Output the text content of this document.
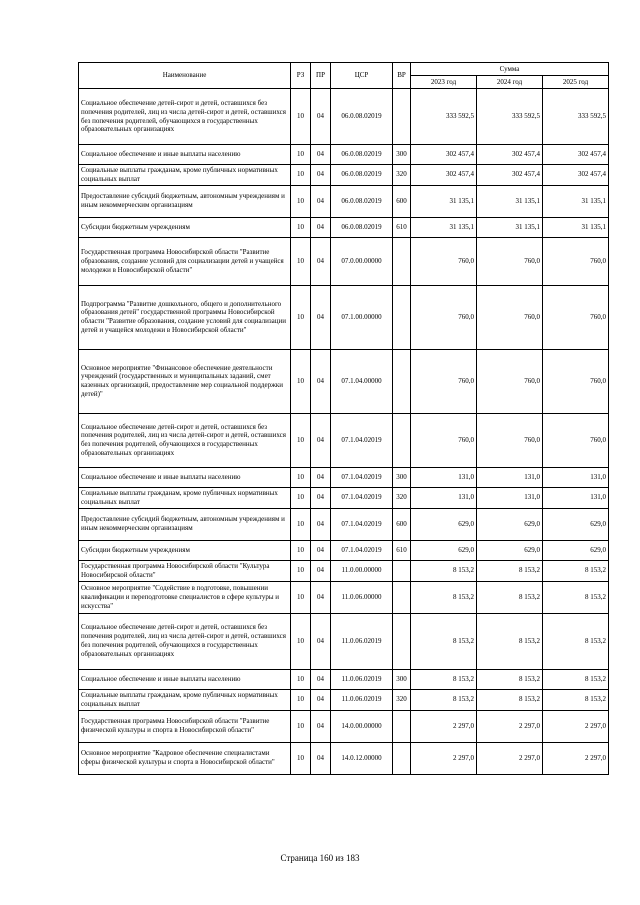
Наименование	РЗ	ПР	ЦСР	ВР	Сумма		
					2023 год	2024 год	2025 год
Социальное обеспечение детей-сирот и детей, оставшихся без попечения родителей, лиц из числа детей-сирот и детей, оставшихся без попечения родителей, обучающихся в государственных образовательных организациях	10	04	06.0.08.02019		333 592,5	333 592,5	333 592,5
Социальное обеспечение и иные выплаты населению	10	04	06.0.08.02019	300	302 457,4	302 457,4	302 457,4
Социальные выплаты гражданам, кроме публичных нормативных социальных выплат	10	04	06.0.08.02019	320	302 457,4	302 457,4	302 457,4
Предоставление субсидий бюджетным, автономным учреждениям и иным некоммерческим организациям	10	04	06.0.08.02019	600	31 135,1	31 135,1	31 135,1
Субсидии бюджетным учреждениям	10	04	06.0.08.02019	610	31 135,1	31 135,1	31 135,1
Государственная программа Новосибирской области "Развитие образования, создание условий для социализации детей и учащейся молодежи в Новосибирской области"	10	04	07.0.00.00000		760,0	760,0	760,0
Подпрограмма "Развитие дошкольного, общего и дополнительного образования детей" государственной программы Новосибирской области "Развитие образования, создание условий для социализации детей и учащейся молодежи в Новосибирской области"	10	04	07.1.00.00000		760,0	760,0	760,0
Основное мероприятие "Финансовое обеспечение деятельности учреждений (государственных и муниципальных заданий, смет казенных организаций, предоставление мер социальной поддержки детей)"	10	04	07.1.04.00000		760,0	760,0	760,0
Социальное обеспечение детей-сирот и детей, оставшихся без попечения родителей, лиц из числа детей-сирот и детей, оставшихся без попечения родителей, обучающихся в государственных образовательных организациях	10	04	07.1.04.02019		760,0	760,0	760,0
Социальное обеспечение и иные выплаты населению	10	04	07.1.04.02019	300	131,0	131,0	131,0
Социальные выплаты гражданам, кроме публичных нормативных социальных выплат	10	04	07.1.04.02019	320	131,0	131,0	131,0
Предоставление субсидий бюджетным, автономным учреждениям и иным некоммерческим организациям	10	04	07.1.04.02019	600	629,0	629,0	629,0
Субсидии бюджетным учреждениям	10	04	07.1.04.02019	610	629,0	629,0	629,0
Государственная программа Новосибирской области "Культура Новосибирской области"	10	04	11.0.00.00000		8 153,2	8 153,2	8 153,2
Основное мероприятие "Содействие в подготовке, повышении квалификации и переподготовке специалистов в сфере культуры и искусства"	10	04	11.0.06.00000		8 153,2	8 153,2	8 153,2
Социальное обеспечение детей-сирот и детей, оставшихся без попечения родителей, лиц из числа детей-сирот и детей, оставшихся без попечения родителей, обучающихся в государственных образовательных организациях	10	04	11.0.06.02019		8 153,2	8 153,2	8 153,2
Социальное обеспечение и иные выплаты населению	10	04	11.0.06.02019	300	8 153,2	8 153,2	8 153,2
Социальные выплаты гражданам, кроме публичных нормативных социальных выплат	10	04	11.0.06.02019	320	8 153,2	8 153,2	8 153,2
Государственная программа Новосибирской области "Развитие физической культуры и спорта в Новосибирской области"	10	04	14.0.00.00000		2 297,0	2 297,0	2 297,0
Основное мероприятие "Кадровое обеспечение специалистами сферы физической культуры и спорта в Новосибирской области"	10	04	14.0.12.00000		2 297,0	2 297,0	2 297,0
Страница 160 из 183
